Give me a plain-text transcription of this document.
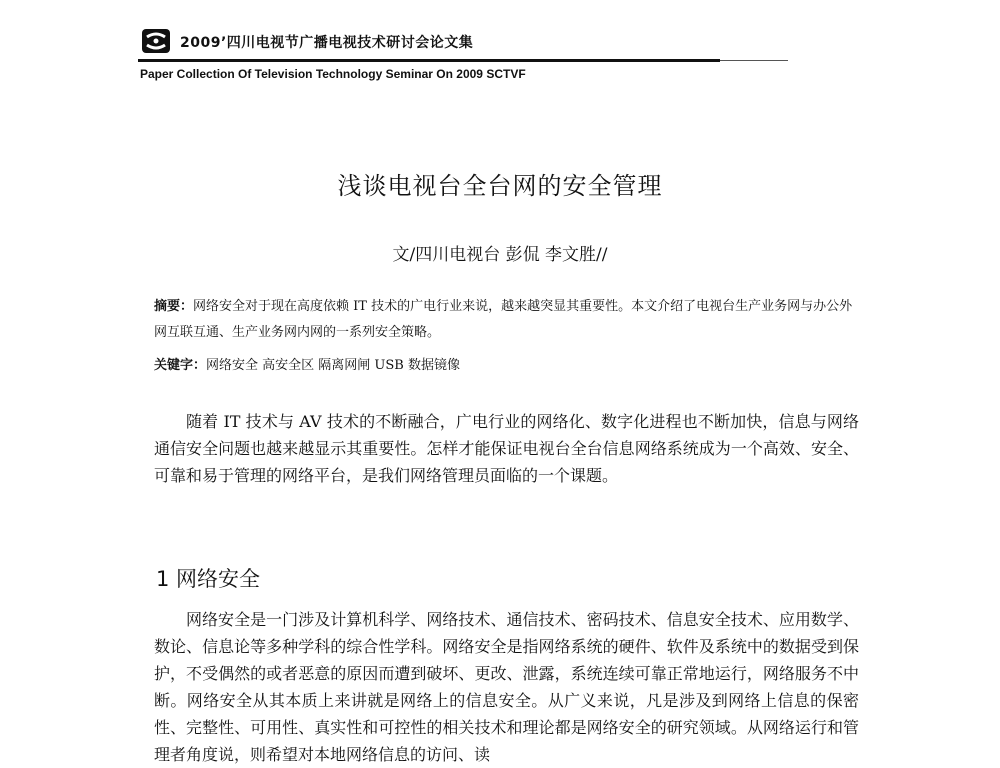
2009’四川电视节广播电视技术研讨会论文集
Paper Collection Of Television Technology Seminar On 2009 SCTVF
浅谈电视台全台网的安全管理
文/四川电视台 彭侃 李文胜//
摘要：网络安全对于现在高度依赖 IT 技术的广电行业来说，越来越突显其重要性。本文介绍了电视台生产业务网与办公外网互联互通、生产业务网内网的一系列安全策略。
关键字：网络安全 高安全区 隔离网闸 USB 数据镜像
随着 IT 技术与 AV 技术的不断融合，广电行业的网络化、数字化进程也不断加快，信息与网络通信安全问题也越来越显示其重要性。怎样才能保证电视台全台信息网络系统成为一个高效、安全、可靠和易于管理的网络平台，是我们网络管理员面临的一个课题。
1 网络安全
网络安全是一门涉及计算机科学、网络技术、通信技术、密码技术、信息安全技术、应用数学、数论、信息论等多种学科的综合性学科。网络安全是指网络系统的硬件、软件及系统中的数据受到保护，不受偶然的或者恶意的原因而遭到破坏、更改、泄露，系统连续可靠正常地运行，网络服务不中断。网络安全从其本质上来讲就是网络上的信息安全。从广义来说，凡是涉及到网络上信息的保密性、完整性、可用性、真实性和可控性的相关技术和理论都是网络安全的研究领域。从网络运行和管理者角度说，则希望对本地网络信息的访问、读
